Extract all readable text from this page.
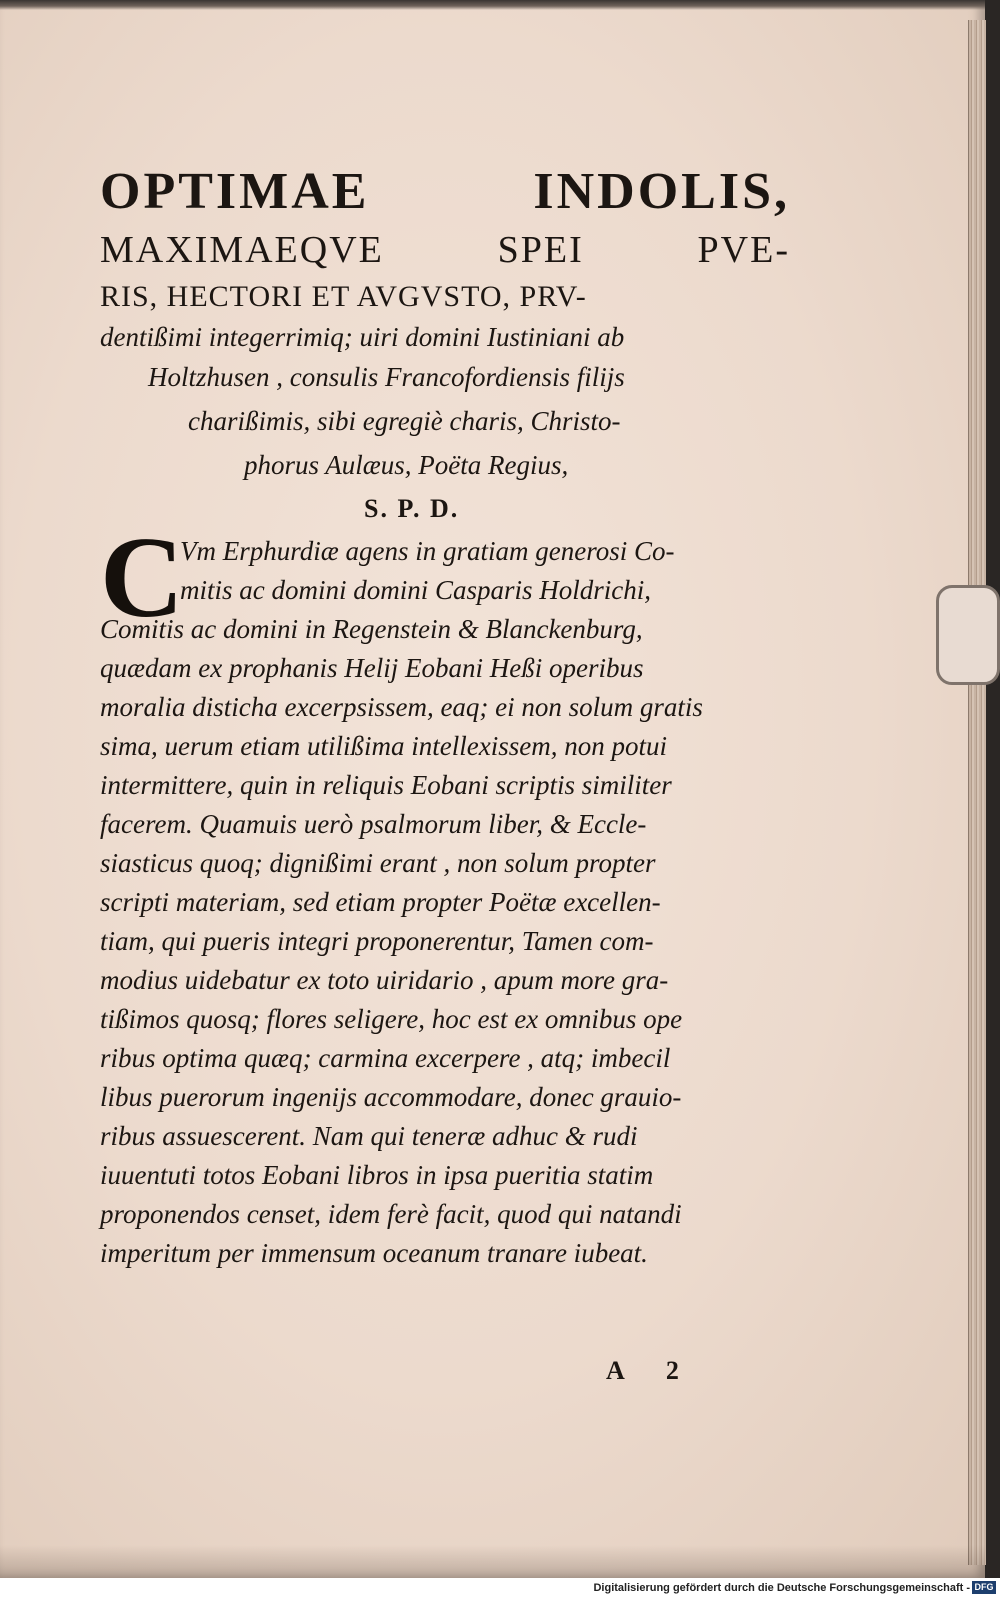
OPTIMAE	INDOLIS,
MAXIMAEQVE	SPEI	PVE-
RIS, HECTORI ET AVGVSTO, PRV-
dentißimi integerrimiq; uiri domini Iustiniani ab
Holtzhusen , consulis Francofordiensis filijs
charißimis, sibi egregiè charis, Christo-
phorus Aulæus, Poëta Regius,
S. P. D.
C
Vm Erphurdiæ agens in gratiam generosi Co-
mitis ac domini domini Casparis Holdrichi,
Comitis ac domini in Regenstein & Blanckenburg,
quædam ex prophanis Helij Eobani Heßi operibus
moralia disticha excerpsissem, eaq; ei non solum gratis
sima, uerum etiam utilißima intellexissem, non potui
intermittere, quin in reliquis Eobani scriptis similiter
facerem. Quamuis uerò psalmorum liber, & Eccle-
siasticus quoq; dignißimi erant , non solum propter
scripti materiam, sed etiam propter Poëtæ excellen-
tiam, qui pueris integri proponerentur, Tamen com-
modius uidebatur ex toto uiridario , apum more gra-
tißimos quosq; flores seligere, hoc est ex omnibus ope
ribus optima quæq; carmina excerpere , atq; imbecil
libus puerorum ingenijs accommodare, donec grauio-
ribus assuescerent. Nam qui teneræ adhuc & rudi
iuuentuti totos Eobani libros in ipsa pueritia statim
proponendos censet, idem ferè facit, quod qui natandi
imperitum per immensum oceanum tranare iubeat.
A 2
Digitalisierung gefördert durch die Deutsche Forschungsgemeinschaft - DFG
